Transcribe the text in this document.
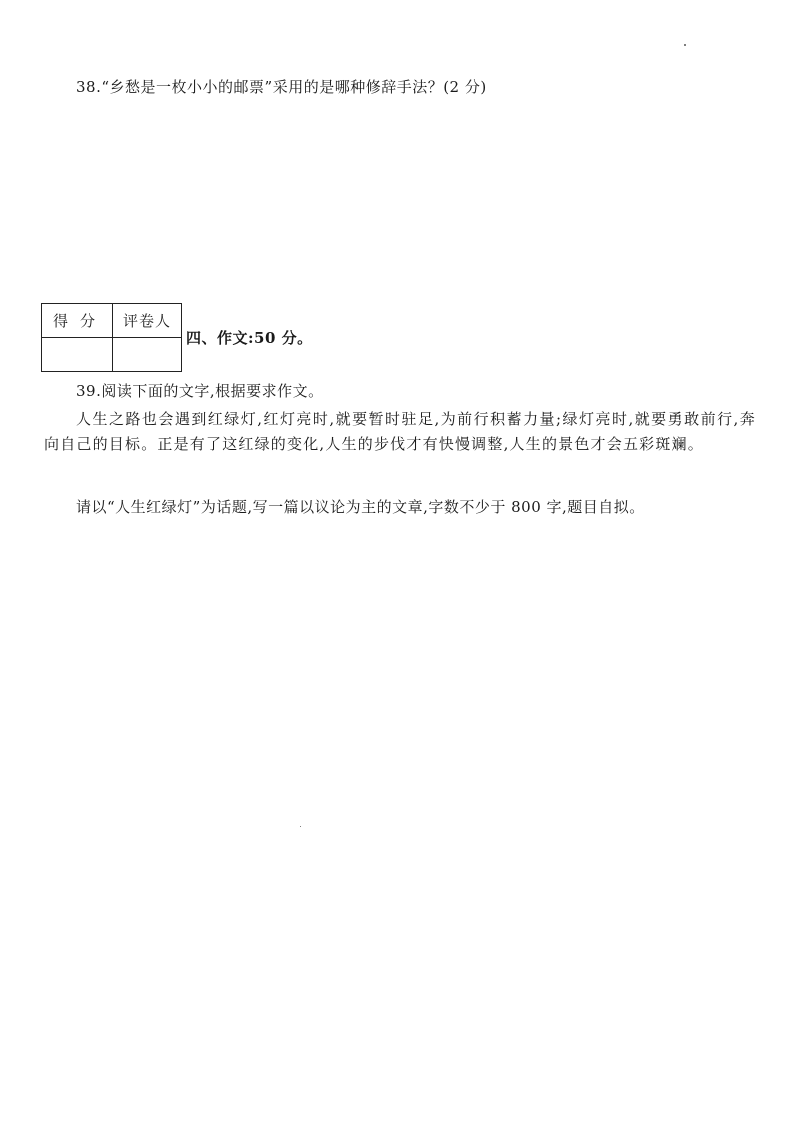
38.“乡愁是一枚小小的邮票”采用的是哪种修辞手法？(2 分)
得分	评卷人

四、作文:50 分。
39.阅读下面的文字,根据要求作文。

人生之路也会遇到红绿灯,红灯亮时,就要暂时驻足,为前行积蓄力量;绿灯亮时,就要勇敢前行,奔向自己的目标。正是有了这红绿的变化,人生的步伐才有快慢调整,人生的景色才会五彩斑斓。

请以“人生红绿灯”为话题,写一篇以议论为主的文章,字数不少于 800 字,题目自拟。
